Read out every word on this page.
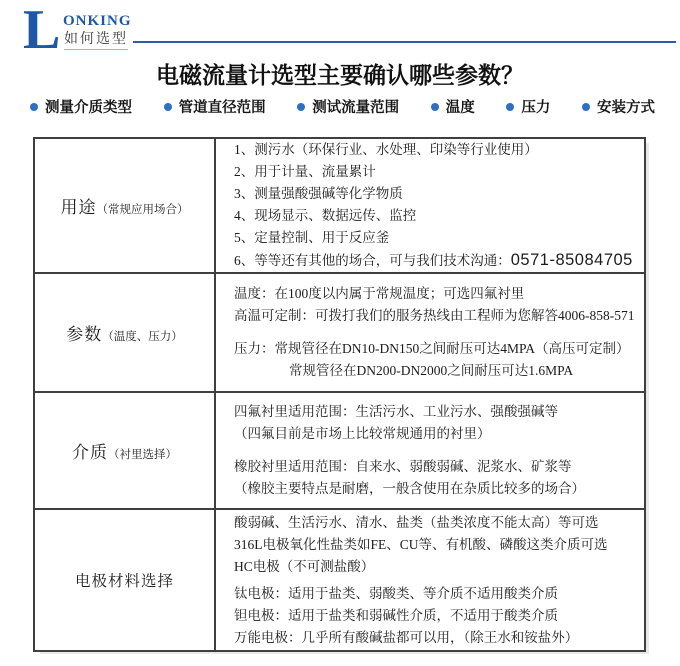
L ONKING
如何选型
电磁流量计选型主要确认哪些参数？
测量介质类型	管道直径范围	测试流量范围	温度	压力	安装方式
用途（常规应用场合）
1、测污水（环保行业、水处理、印染等行业使用）
2、用于计量、流量累计
3、测量强酸强碱等化学物质
4、现场显示、数据远传、监控
5、定量控制、用于反应釜
6、等等还有其他的场合，可与我们技术沟通：0571-85084705
参数（温度、压力）
温度：在100度以内属于常规温度；可选四氟衬里
高温可定制：可拨打我们的服务热线由工程师为您解答4006-858-571
压力：常规管径在DN10-DN150之间耐压可达4MPA（高压可定制）
常规管径在DN200-DN2000之间耐压可达1.6MPA
介质（衬里选择）
四氟衬里适用范围：生活污水、工业污水、强酸强碱等
（四氟目前是市场上比较常规通用的衬里）
橡胶衬里适用范围：自来水、弱酸弱碱、泥浆水、矿浆等
（橡胶主要特点是耐磨，一般含使用在杂质比较多的场合）
电极材料选择
酸弱碱、生活污水、清水、盐类（盐类浓度不能太高）等可选
316L电极氧化性盐类如FE、CU等、有机酸、磷酸这类介质可选
HC电极（不可测盐酸）
钛电极：适用于盐类、弱酸类、等介质不适用酸类介质
钽电极：适用于盐类和弱碱性介质，不适用于酸类介质
万能电极：几乎所有酸碱盐都可以用，（除王水和铵盐外）
